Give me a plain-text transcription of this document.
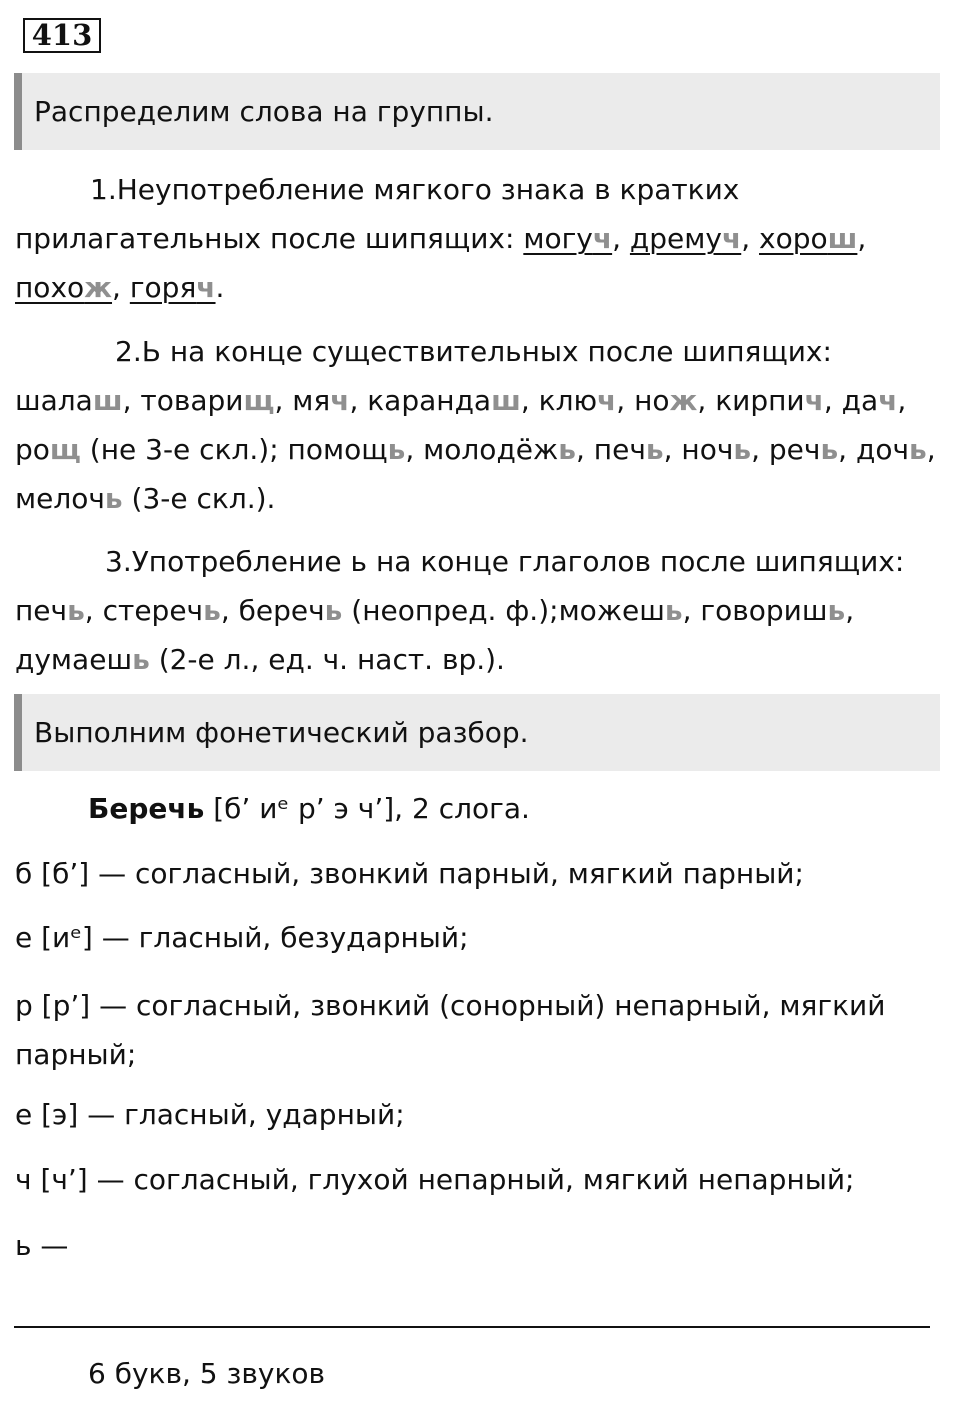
413
Распределим слова на группы.

1.Неупотребление мягкого знака в кратких прилагательных после шипящих: могуч, дремуч, хорош, похож, горяч.

2.Ь на конце существительных после шипящих: шалаш, товарищ, мяч, карандаш, ключ, нож, кирпич, дач, рощ (не 3-е скл.); помощь, молодёжь, печь, ночь, речь, дочь, мелочь (3-е скл.).

3.Употребление ь на конце глаголов после шипящих: печь, стеречь, беречь (неопред. ф.);можешь, говоришь, думаешь (2-е л., ед. ч. наст. вр.).

Выполним фонетический разбор.
Беречь [б’ иᵉ р’ э ч’], 2 слога.
б [б’] — согласный, звонкий парный, мягкий парный;
е [иᵉ] — гласный, безударный;

р [р’] — согласный, звонкий (сонорный) непарный, мягкий парный;

е [э] — гласный, ударный;
ч [ч’] — согласный, глухой непарный, мягкий непарный;
ь —
6 букв, 5 звуков
